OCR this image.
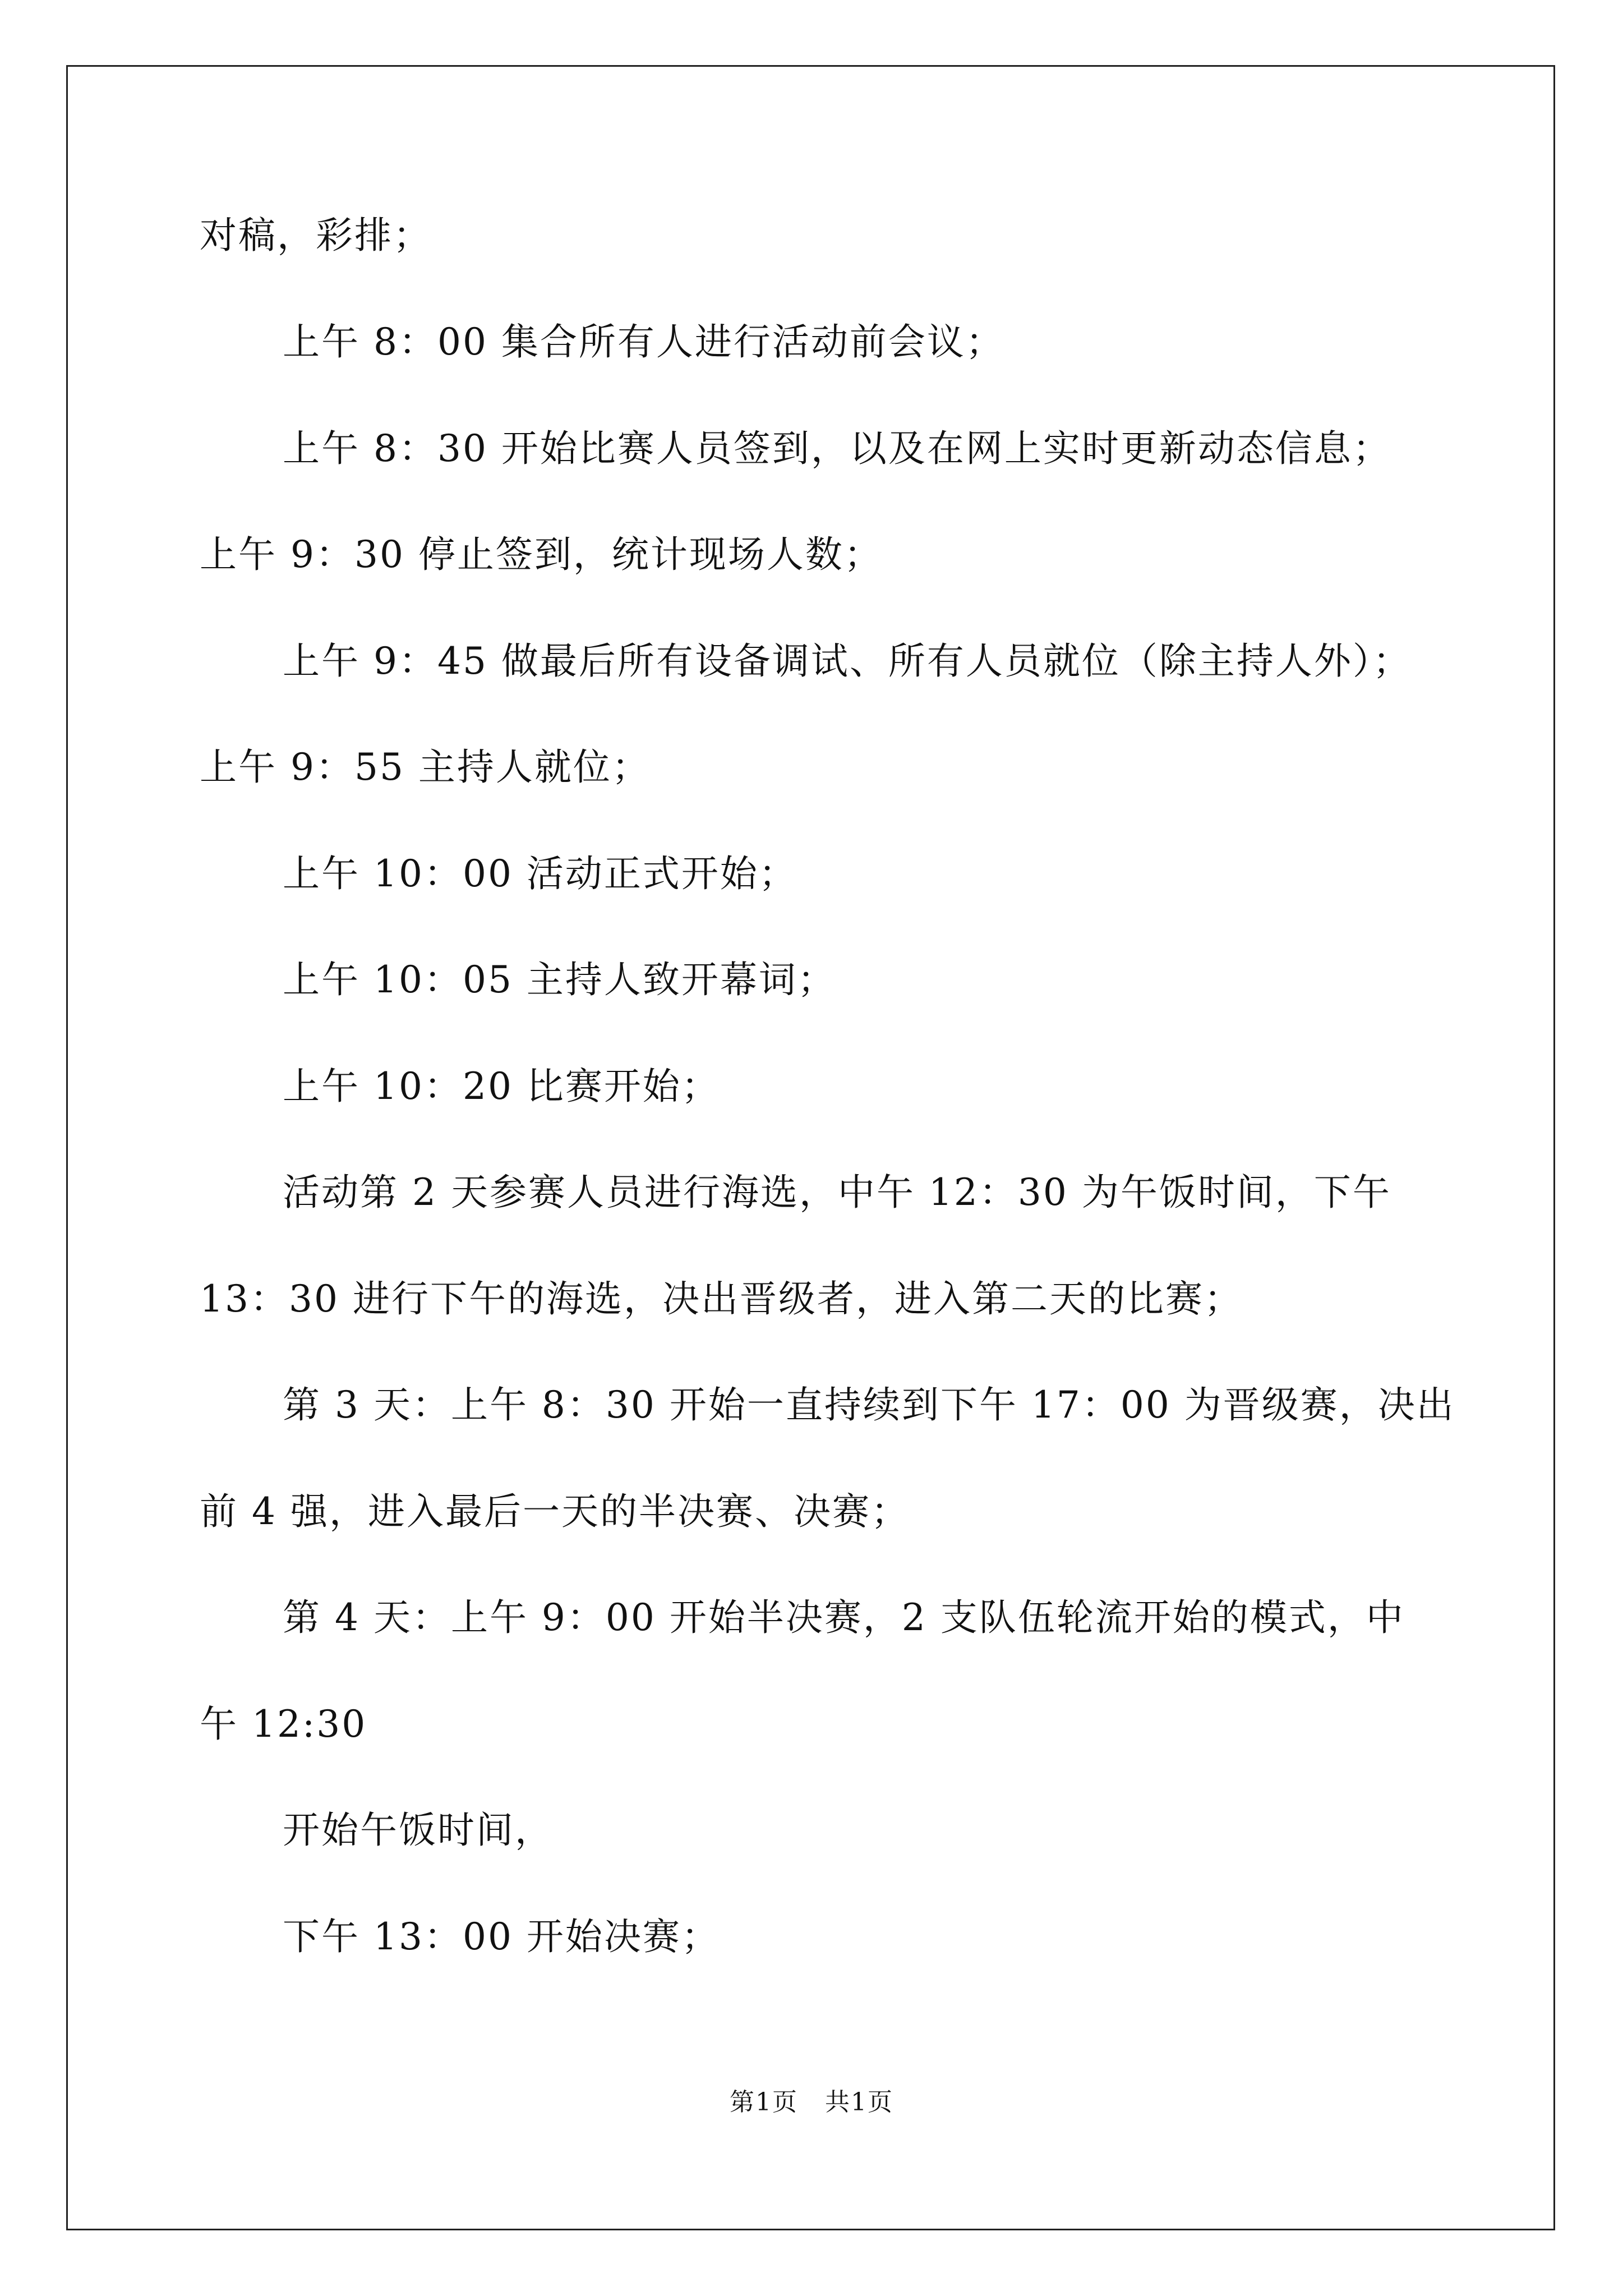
对稿，彩排；
上午 8：00 集合所有人进行活动前会议；
上午 8：30 开始比赛人员签到，以及在网上实时更新动态信息；
上午 9：30 停止签到，统计现场人数；
上午 9：45 做最后所有设备调试、所有人员就位（除主持人外）；
上午 9：55 主持人就位；
上午 10：00 活动正式开始；
上午 10：05 主持人致开幕词；
上午 10：20 比赛开始；
活动第 2 天参赛人员进行海选，中午 12：30 为午饭时间，下午
13：30 进行下午的海选，决出晋级者，进入第二天的比赛；
第 3 天：上午 8：30 开始一直持续到下午 17：00 为晋级赛，决出
前 4 强，进入最后一天的半决赛、决赛；
第 4 天：上午 9：00 开始半决赛，2 支队伍轮流开始的模式，中
午 12:30
开始午饭时间，
下午 13：00 开始决赛；
第1页 共1页
